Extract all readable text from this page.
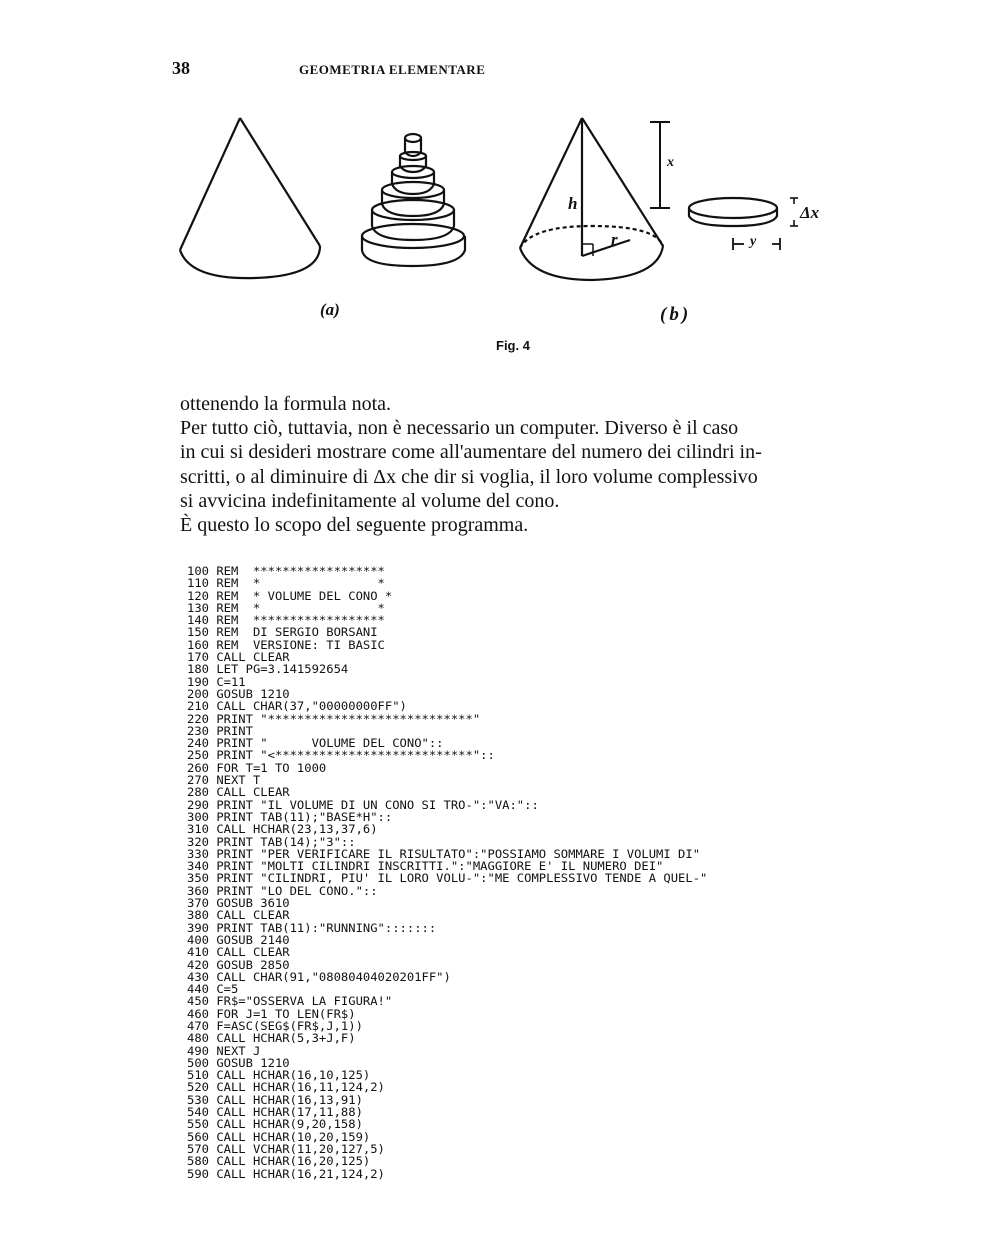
38	GEOMETRIA ELEMENTARE
h
r
x
Δx
y
(a)	(b)
Fig. 4
ottenendo la formula nota.
Per tutto ciò, tuttavia, non è necessario un computer. Diverso è il caso
in cui si desideri mostrare come all'aumentare del numero dei cilindri in-
scritti, o al diminuire di Δx che dir si voglia, il loro volume complessivo
si avvicina indefinitamente al volume del cono.
È questo lo scopo del seguente programma.
100 REM  ******************
110 REM  *                *
120 REM  * VOLUME DEL CONO *
130 REM  *                *
140 REM  ******************
150 REM  DI SERGIO BORSANI
160 REM  VERSIONE: TI BASIC
170 CALL CLEAR
180 LET PG=3.141592654
190 C=11
200 GOSUB 1210
210 CALL CHAR(37,"00000000FF")
220 PRINT "****************************"
230 PRINT
240 PRINT "      VOLUME DEL CONO"::
250 PRINT "<***************************"::
260 FOR T=1 TO 1000
270 NEXT T
280 CALL CLEAR
290 PRINT "IL VOLUME DI UN CONO SI TRO-":"VA:"::
300 PRINT TAB(11);"BASE*H"::
310 CALL HCHAR(23,13,37,6)
320 PRINT TAB(14);"3"::
330 PRINT "PER VERIFICARE IL RISULTATO":"POSSIAMO SOMMARE I VOLUMI DI"
340 PRINT "MOLTI CILINDRI INSCRITTI.":"MAGGIORE E' IL NUMERO DEI"
350 PRINT "CILINDRI, PIU' IL LORO VOLU-":"ME COMPLESSIVO TENDE A QUEL-"
360 PRINT "LO DEL CONO."::
370 GOSUB 3610
380 CALL CLEAR
390 PRINT TAB(11):"RUNNING":::::::
400 GOSUB 2140
410 CALL CLEAR
420 GOSUB 2850
430 CALL CHAR(91,"08080404020201FF")
440 C=5
450 FR$="OSSERVA LA FIGURA!"
460 FOR J=1 TO LEN(FR$)
470 F=ASC(SEG$(FR$,J,1))
480 CALL HCHAR(5,3+J,F)
490 NEXT J
500 GOSUB 1210
510 CALL HCHAR(16,10,125)
520 CALL HCHAR(16,11,124,2)
530 CALL HCHAR(16,13,91)
540 CALL HCHAR(17,11,88)
550 CALL HCHAR(9,20,158)
560 CALL HCHAR(10,20,159)
570 CALL VCHAR(11,20,127,5)
580 CALL HCHAR(16,20,125)
590 CALL HCHAR(16,21,124,2)
